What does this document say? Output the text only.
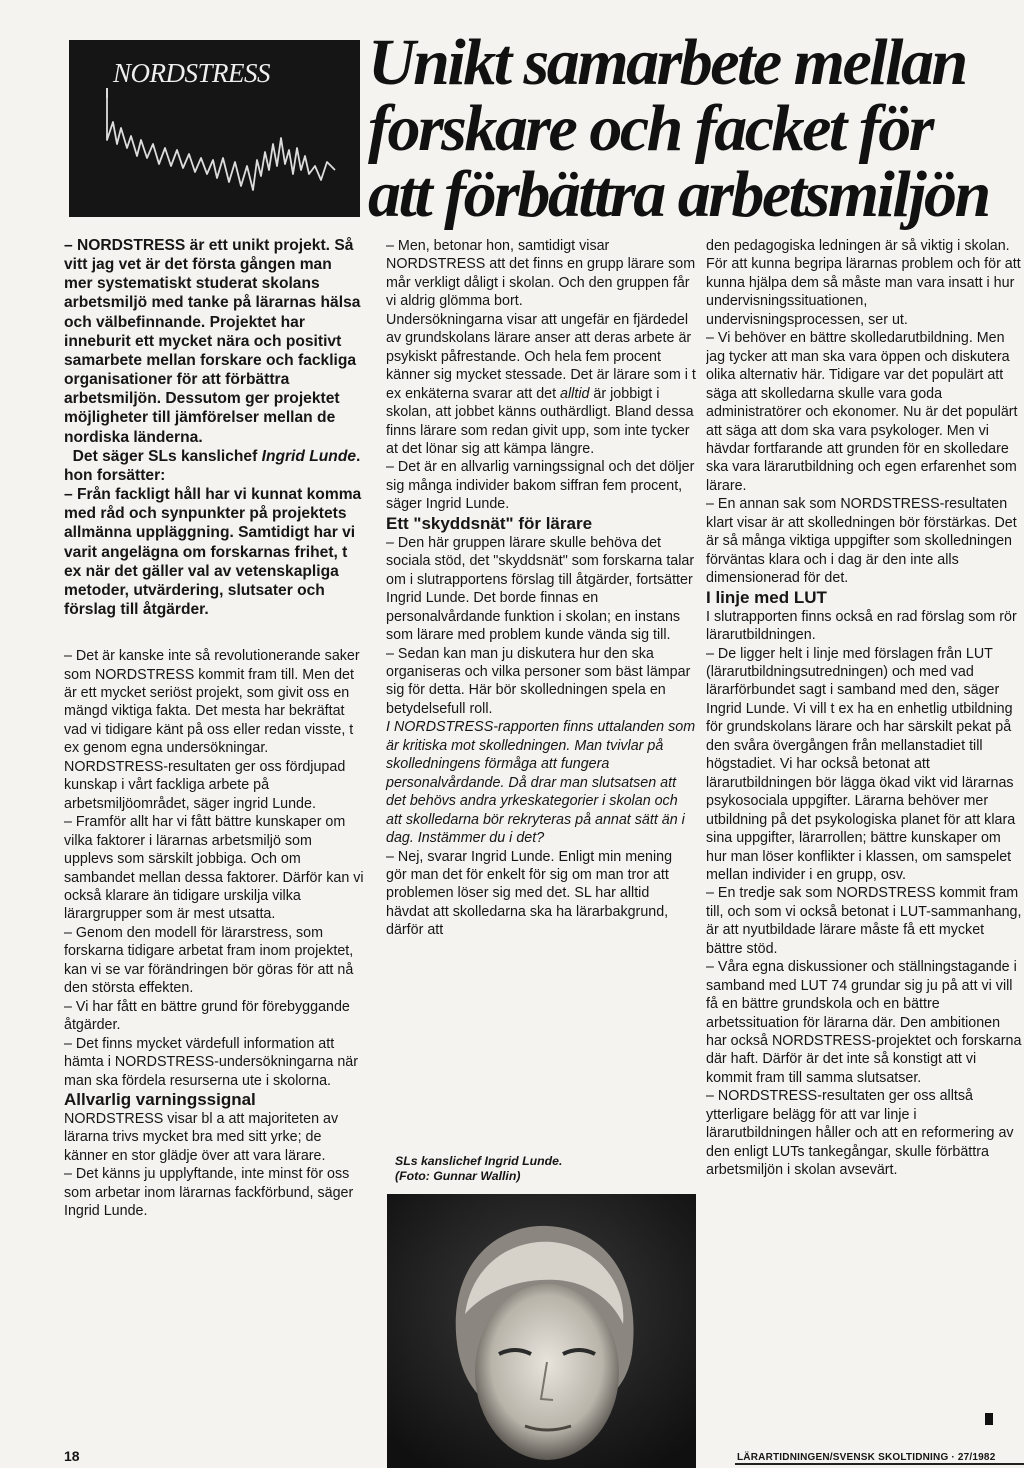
NORDSTRESS Unikt samarbete mellan
forskare och facket för
att förbättra arbetsmiljön

– NORDSTRESS är ett unikt projekt. Så vitt jag vet är det första gången man mer systematiskt studerat skolans arbetsmiljö med tanke på lärarnas hälsa och välbefinnande. Projektet har inneburit ett mycket nära och positivt samarbete mellan forskare och fackliga organisationer för att förbättra arbetsmiljön. Dessutom ger projektet möjligheter till jämförelser mellan de nordiska länderna.

Det säger SLs kanslichef Ingrid Lunde. hon forsätter:

– Från fackligt håll har vi kunnat komma med råd och synpunkter på projektets allmänna uppläggning. Samtidigt har vi varit angelägna om forskarnas frihet, t ex när det gäller val av vetenskapliga metoder, utvärdering, slutsater och förslag till åtgärder.

– Det är kanske inte så revolutionerande saker som NORDSTRESS kommit fram till. Men det är ett mycket seriöst projekt, som givit oss en mängd viktiga fakta. Det mesta har bekräftat vad vi tidigare känt på oss eller redan visste, t ex genom egna undersökningar. NORDSTRESS-resultaten ger oss fördjupad kunskap i vårt fackliga arbete på arbetsmiljöområdet, säger ingrid Lunde.

– Framför allt har vi fått bättre kunskaper om vilka faktorer i lärarnas arbetsmiljö som upplevs som särskilt jobbiga. Och om sambandet mellan dessa faktorer. Därför kan vi också klarare än tidigare urskilja vilka lärargrupper som är mest utsatta.

– Genom den modell för lärarstress, som forskarna tidigare arbetat fram inom projektet, kan vi se var förändringen bör göras för att nå den största effekten.

– Vi har fått en bättre grund för förebyggande åtgärder.

– Det finns mycket värdefull information att hämta i NORDSTRESS-undersökningarna när man ska fördela resurserna ute i skolorna.

Allvarlig varningssignal

NORDSTRESS visar bl a att majoriteten av lärarna trivs mycket bra med sitt yrke; de känner en stor glädje över att vara lärare.

– Det känns ju upplyftande, inte minst för oss som arbetar inom lärarnas fackförbund, säger Ingrid Lunde.

– Men, betonar hon, samtidigt visar NORDSTRESS att det finns en grupp lärare som mår verkligt dåligt i skolan. Och den gruppen får vi aldrig glömma bort.

Undersökningarna visar att ungefär en fjärdedel av grundskolans lärare anser att deras arbete är psykiskt påfrestande. Och hela fem procent känner sig mycket stessade. Det är lärare som i t ex enkäterna svarar att det alltid är jobbigt i skolan, att jobbet känns outhärdligt. Bland dessa finns lärare som redan givit upp, som inte tycker at det lönar sig att kämpa längre.

– Det är en allvarlig varningssignal och det döljer sig många individer bakom siffran fem procent, säger Ingrid Lunde.

Ett "skyddsnät" för lärare

– Den här gruppen lärare skulle behöva det sociala stöd, det "skyddsnät" som forskarna talar om i slutrapportens förslag till åtgärder, fortsätter Ingrid Lunde. Det borde finnas en personalvårdande funktion i skolan; en instans som lärare med problem kunde vända sig till.

– Sedan kan man ju diskutera hur den ska organiseras och vilka personer som bäst lämpar sig för detta. Här bör skolledningen spela en betydelsefull roll.

I NORDSTRESS-rapporten finns uttalanden som är kritiska mot skolledningen. Man tvivlar på skolledningens förmåga att fungera personalvårdande. Då drar man slutsatsen att det behövs andra yrkeskategorier i skolan och att skolledarna bör rekryteras på annat sätt än i dag. Instämmer du i det?

– Nej, svarar Ingrid Lunde. Enligt min mening gör man det för enkelt för sig om man tror att problemen löser sig med det. SL har alltid hävdat att skolledarna ska ha lärarbakgrund, därför att

SLs kanslichef Ingrid Lunde.
(Foto: Gunnar Wallin)

den pedagogiska ledningen är så viktig i skolan. För att kunna begripa lärarnas problem och för att kunna hjälpa dem så måste man vara insatt i hur undervisningssituationen, undervisningsprocessen, ser ut.

– Vi behöver en bättre skolledarutbildning. Men jag tycker att man ska vara öppen och diskutera olika alternativ här. Tidigare var det populärt att säga att skolledarna skulle vara goda administratörer och ekonomer. Nu är det populärt att säga att dom ska vara psykologer. Men vi hävdar fortfarande att grunden för en skolledare ska vara lärarutbildning och egen erfarenhet som lärare.

– En annan sak som NORDSTRESS-resultaten klart visar är att skolledningen bör förstärkas. Det är så många viktiga uppgifter som skolledningen förväntas klara och i dag är den inte alls dimensionerad för det.

I linje med LUT

I slutrapporten finns också en rad förslag som rör lärarutbildningen.

– De ligger helt i linje med förslagen från LUT (lärarutbildningsutredningen) och med vad lärarförbundet sagt i samband med den, säger Ingrid Lunde. Vi vill t ex ha en enhetlig utbildning för grundskolans lärare och har särskilt pekat på den svåra övergången från mellanstadiet till högstadiet. Vi har också betonat att lärarutbildningen bör lägga ökad vikt vid lärarnas psykosociala uppgifter. Lärarna behöver mer utbildning på det psykologiska planet för att klara sina uppgifter, lärarrollen; bättre kunskaper om hur man löser konflikter i klassen, om samspelet mellan individer i en grupp, osv.

– En tredje sak som NORDSTRESS kommit fram till, och som vi också betonat i LUT-sammanhang, är att nyutbildade lärare måste få ett mycket bättre stöd.

– Våra egna diskussioner och ställningstagande i samband med LUT 74 grundar sig ju på att vi vill få en bättre grundskola och en bättre arbetssituation för lärarna där. Den ambitionen har också NORDSTRESS-projektet och forskarna där haft. Därför är det inte så konstigt att vi kommit fram till samma slutsatser.

– NORDSTRESS-resultaten ger oss alltså ytterligare belägg för att var linje i lärarutbildningen håller och att en reformering av den enligt LUTs tankegångar, skulle förbättra arbetsmiljön i skolan avsevärt.

18	LÄRARTIDNINGEN/SVENSK SKOLTIDNING · 27/1982
